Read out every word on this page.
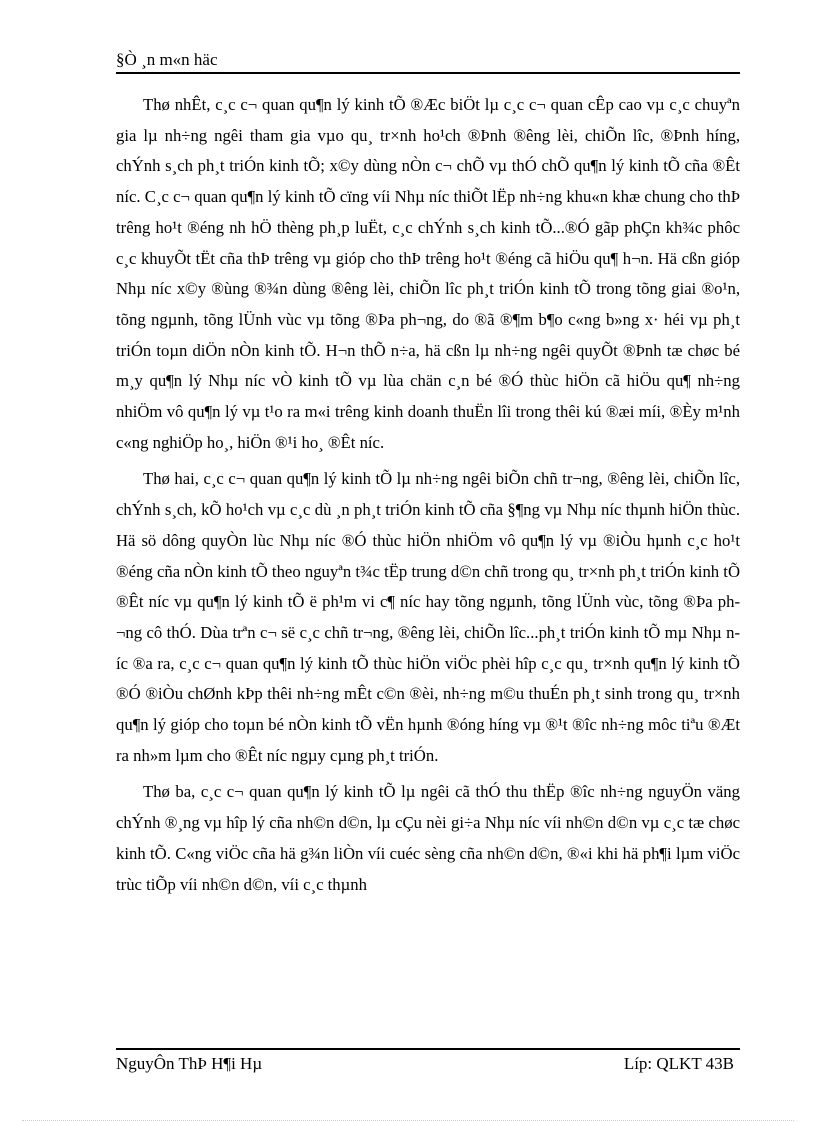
§Ò ¸n m«n häc

Thø nhÊt, c¸c c¬ quan qu¶n lý kinh tÕ ®Æc biÖt lµ c¸c c¬ quan cÊp cao vµ c¸c chuyªn gia lµ nh÷ng ngêi tham gia vµo qu¸ tr×nh ho¹ch ®Þnh ®êng lèi, chiÕn lîc, ®Þnh híng, chÝnh s¸ch ph¸t triÓn kinh tÕ; x©y dùng nÒn c¬ chÕ vµ thÓ chÕ qu¶n lý kinh tÕ cña ®Êt níc. C¸c c¬ quan qu¶n lý kinh tÕ cïng víi Nhµ níc thiÕt lËp nh÷ng khu«n khæ chung cho thÞ trêng ho¹t ®éng nh hÖ thèng ph¸p luËt, c¸c chÝnh s¸ch kinh tÕ...®Ó gãp phÇn kh¾c phôc c¸c khuyÕt tËt cña thÞ trêng vµ gióp cho thÞ trêng ho¹t ®éng cã hiÖu qu¶ h¬n. Hä cßn gióp Nhµ níc x©y ®ùng ®¾n dùng ®êng lèi, chiÕn lîc ph¸t triÓn kinh tÕ trong tõng giai ®o¹n, tõng ngµnh, tõng lÜnh vùc vµ tõng ®Þa ph¬ng, do ®ã ®¶m b¶o c«ng b»ng x· héi vµ ph¸t triÓn toµn diÖn nÒn kinh tÕ. H¬n thÕ n÷a, hä cßn lµ nh÷ng ngêi quyÕt ®Þnh tæ chøc bé m¸y qu¶n lý Nhµ níc vÒ kinh tÕ vµ lùa chän c¸n bé ®Ó thùc hiÖn cã hiÖu qu¶ nh÷ng nhiÖm vô qu¶n lý vµ t¹o ra m«i trêng kinh doanh thuËn lîi trong thêi kú ®æi míi, ®Èy m¹nh c«ng nghiÖp ho¸, hiÖn ®¹i ho¸ ®Êt níc.

Thø hai, c¸c c¬ quan qu¶n lý kinh tÕ lµ nh÷ng ngêi biÕn chñ tr¬ng, ®êng lèi, chiÕn lîc, chÝnh s¸ch, kÕ ho¹ch vµ c¸c dù ¸n ph¸t triÓn kinh tÕ cña §¶ng vµ Nhµ níc thµnh hiÖn thùc. Hä sö dông quyÒn lùc Nhµ níc ®Ó thùc hiÖn nhiÖm vô qu¶n lý vµ ®iÒu hµnh c¸c ho¹t ®éng cña nÒn kinh tÕ theo nguyªn t¾c tËp trung d©n chñ trong qu¸ tr×nh ph¸t triÓn kinh tÕ ®Êt níc vµ qu¶n lý kinh tÕ ë ph¹m vi c¶ níc hay tõng ngµnh, tõng lÜnh vùc, tõng ®Þa ph¬ng cô thÓ. Dùa trªn c¬ së c¸c chñ tr¬ng, ®êng lèi, chiÕn lîc...ph¸t triÓn kinh tÕ mµ Nhµ níc ®a ra, c¸c c¬ quan qu¶n lý kinh tÕ thùc hiÖn viÖc phèi hîp c¸c qu¸ tr×nh qu¶n lý kinh tÕ ®Ó ®iÒu chØnh kÞp thêi nh÷ng mÊt c©n ®èi, nh÷ng m©u thuÉn ph¸t sinh trong qu¸ tr×nh qu¶n lý gióp cho toµn bé nÒn kinh tÕ vËn hµnh ®óng híng vµ ®¹t ®îc nh÷ng môc tiªu ®Æt ra nh»m lµm cho ®Êt níc ngµy cµng ph¸t triÓn.

Thø ba, c¸c c¬ quan qu¶n lý kinh tÕ lµ ngêi cã thÓ thu thËp ®îc nh÷ng nguyÖn väng chÝnh ®¸ng vµ hîp lý cña nh©n d©n, lµ cÇu nèi gi÷a Nhµ níc víi nh©n d©n vµ c¸c tæ chøc kinh tÕ. C«ng viÖc cña hä g¾n liÒn víi cuéc sèng cña nh©n d©n, ®«i khi hä ph¶i lµm viÖc trùc tiÕp víi nh©n d©n, víi c¸c thµnh

NguyÔn ThÞ H¶i Hµ	Líp: QLKT 43B
